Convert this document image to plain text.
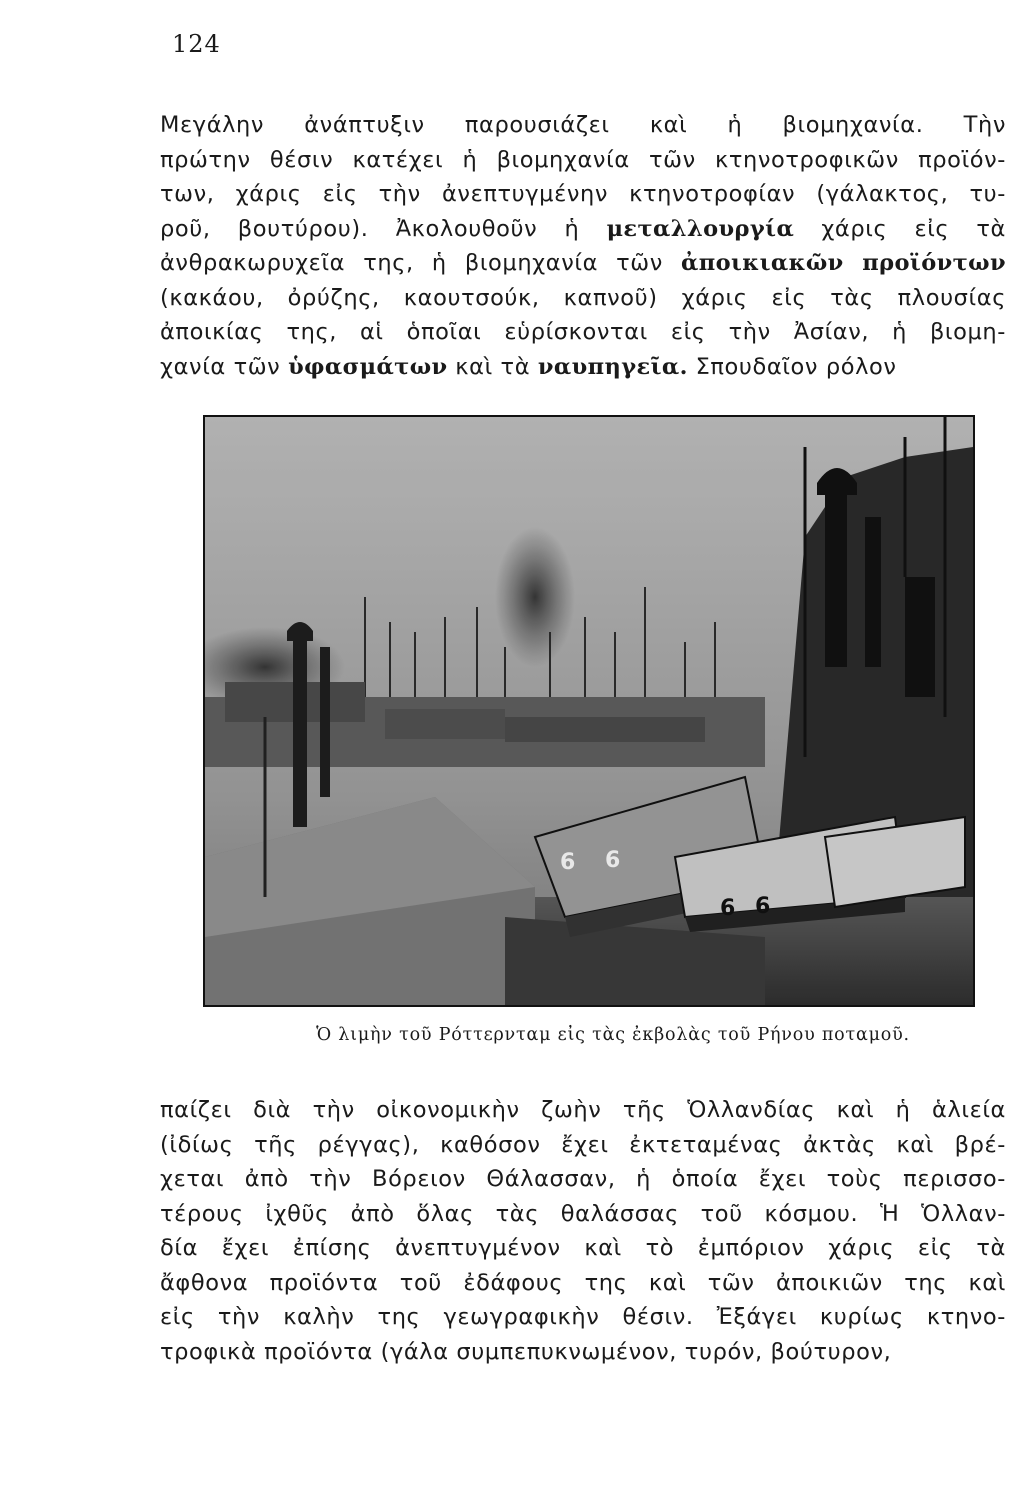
124
Μεγάλην ἀνάπτυξιν παρουσιάζει καὶ ἡ βιομηχανία. Τὴν
πρώτην θέσιν κατέχει ἡ βιομηχανία τῶν κτηνοτροφικῶν προϊόν-
των, χάρις εἰς τὴν ἀνεπτυγμένην κτηνοτροφίαν (γάλακτος, τυ-
ροῦ, βουτύρου). Ἀκολουθοῦν ἡ μεταλλουργία χάρις εἰς τὰ
ἀνθρακωρυχεῖα της, ἡ βιομηχανία τῶν ἀποικιακῶν προϊόντων
(κακάου, ὀρύζης, καουτσούκ, καπνοῦ) χάρις εἰς τὰς πλουσίας
ἀποικίας της, αἱ ὁποῖαι εὑρίσκονται εἰς τὴν Ἀσίαν, ἡ βιομη-
χανία τῶν ὑφασμάτων καὶ τὰ ναυπηγεῖα. Σπουδαῖον ρόλον
6 6
6 6
Ὁ λιμὴν τοῦ Ρόττερνταμ εἰς τὰς ἐκβολὰς τοῦ Ρήνου ποταμοῦ.
παίζει διὰ τὴν οἰκονομικὴν ζωὴν τῆς Ὁλλανδίας καὶ ἡ ἁλιεία
(ἰδίως τῆς ρέγγας), καθόσον ἔχει ἐκτεταμένας ἀκτὰς καὶ βρέ-
χεται ἀπὸ τὴν Βόρειον Θάλασσαν, ἡ ὁποία ἔχει τοὺς περισσο-
τέρους ἰχθῦς ἀπὸ ὅλας τὰς θαλάσσας τοῦ κόσμου. Ἡ Ὁλλαν-
δία ἔχει ἐπίσης ἀνεπτυγμένον καὶ τὸ ἐμπόριον χάρις εἰς τὰ
ἄφθονα προϊόντα τοῦ ἐδάφους της καὶ τῶν ἀποικιῶν της καὶ
εἰς τὴν καλὴν της γεωγραφικὴν θέσιν. Ἐξάγει κυρίως κτηνο-
τροφικὰ προϊόντα (γάλα συμπεπυκνωμένον, τυρόν, βούτυρον,
